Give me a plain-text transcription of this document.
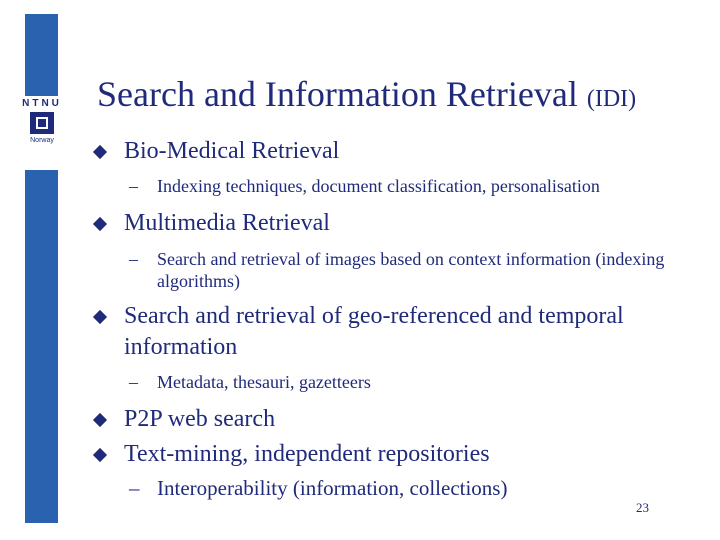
NTNU
Norway
Search and Information Retrieval (IDI)
Bio-Medical Retrieval
– Indexing techniques, document classification, personalisation
Multimedia Retrieval
– Search and retrieval of images based on context information (indexing algorithms)
Search and retrieval of geo-referenced and temporal information
– Metadata, thesauri, gazetteers
P2P web search
Text-mining, independent repositories
– Interoperability (information, collections)
23
